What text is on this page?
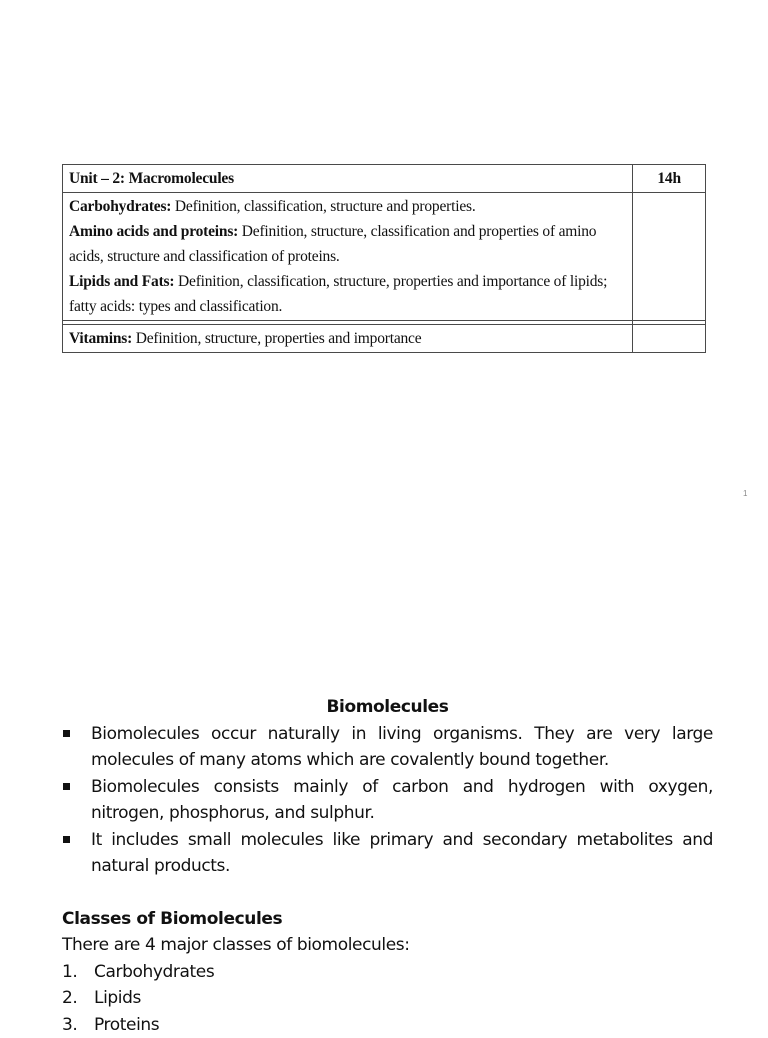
Unit – 2: Macromolecules	14h

Carbohydrates: Definition, classification, structure and properties.
Amino acids and proteins: Definition, structure, classification and properties of amino acids, structure and classification of proteins.
Lipids and Fats: Definition, classification, structure, properties and importance of lipids; fatty acids: types and classification.	

Vitamins: Definition, structure, properties and importance	
1

Biomolecules

Biomolecules occur naturally in living organisms. They are very large molecules of many atoms which are covalently bound together.
Biomolecules consists mainly of carbon and hydrogen with oxygen, nitrogen, phosphorus, and sulphur.
It includes small molecules like primary and secondary metabolites and natural products.

Classes of Biomolecules

There are 4 major classes of biomolecules:

1. Carbohydrates
2. Lipids
3. Proteins
